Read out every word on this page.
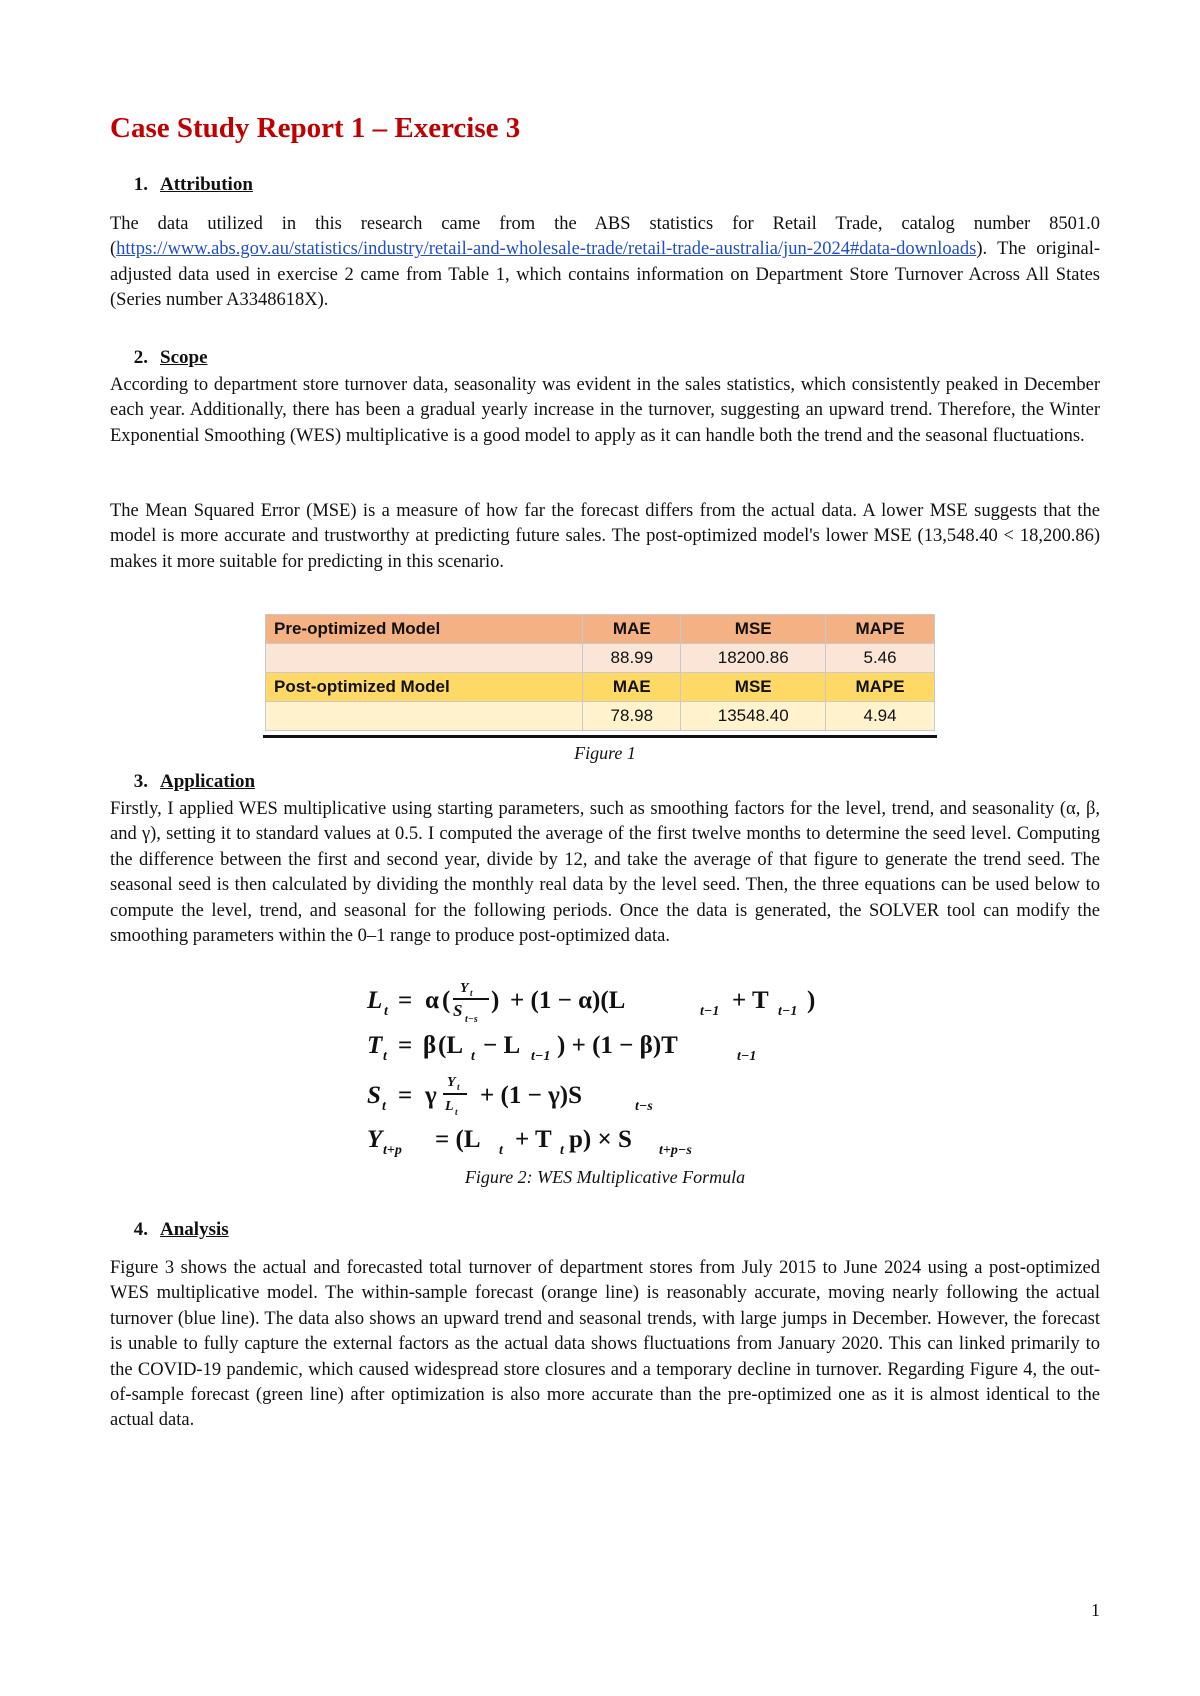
Case Study Report 1 – Exercise 3
1. Attribution

The data utilized in this research came from the ABS statistics for Retail Trade, catalog number 8501.0 (https://www.abs.gov.au/statistics/industry/retail-and-wholesale-trade/retail-trade-australia/jun-2024#data-downloads). The original-adjusted data used in exercise 2 came from Table 1, which contains information on Department Store Turnover Across All States (Series number A3348618X).

2. Scope

According to department store turnover data, seasonality was evident in the sales statistics, which consistently peaked in December each year. Additionally, there has been a gradual yearly increase in the turnover, suggesting an upward trend. Therefore, the Winter Exponential Smoothing (WES) multiplicative is a good model to apply as it can handle both the trend and the seasonal fluctuations.

The Mean Squared Error (MSE) is a measure of how far the forecast differs from the actual data. A lower MSE suggests that the model is more accurate and trustworthy at predicting future sales. The post-optimized model's lower MSE (13,548.40 < 18,200.86) makes it more suitable for predicting in this scenario.

Pre-optimized Model	MAE	MSE	MAPE
	88.99	18200.86	5.46
Post-optimized Model	MAE	MSE	MAPE
	78.98	13548.40	4.94

Figure 1

3. Application

Firstly, I applied WES multiplicative using starting parameters, such as smoothing factors for the level, trend, and seasonality (α, β, and γ), setting it to standard values at 0.5. I computed the average of the first twelve months to determine the seed level. Computing the difference between the first and second year, divide by 12, and take the average of that figure to generate the trend seed. The seasonal seed is then calculated by dividing the monthly real data by the level seed. Then, the three equations can be used below to compute the level, trend, and seasonal for the following periods. Once the data is generated, the SOLVER tool can modify the smoothing parameters within the 0–1 range to produce post-optimized data.

L t = α ( Y t
S t−s
) + (1 − α)(L	t−1 + T t−1 )
T t = β (L t − L t−1 ) + (1 − β)T	t−1
S t = γ Y t
L t
+ (1 − γ)S	t−s
Y t+p = (L t + T t p) × S t+p−s

Figure 2: WES Multiplicative Formula

4. Analysis

Figure 3 shows the actual and forecasted total turnover of department stores from July 2015 to June 2024 using a post-optimized WES multiplicative model. The within-sample forecast (orange line) is reasonably accurate, moving nearly following the actual turnover (blue line). The data also shows an upward trend and seasonal trends, with large jumps in December. However, the forecast is unable to fully capture the external factors as the actual data shows fluctuations from January 2020. This can linked primarily to the COVID-19 pandemic, which caused widespread store closures and a temporary decline in turnover. Regarding Figure 4, the out-of-sample forecast (green line) after optimization is also more accurate than the pre-optimized one as it is almost identical to the actual data.

1
